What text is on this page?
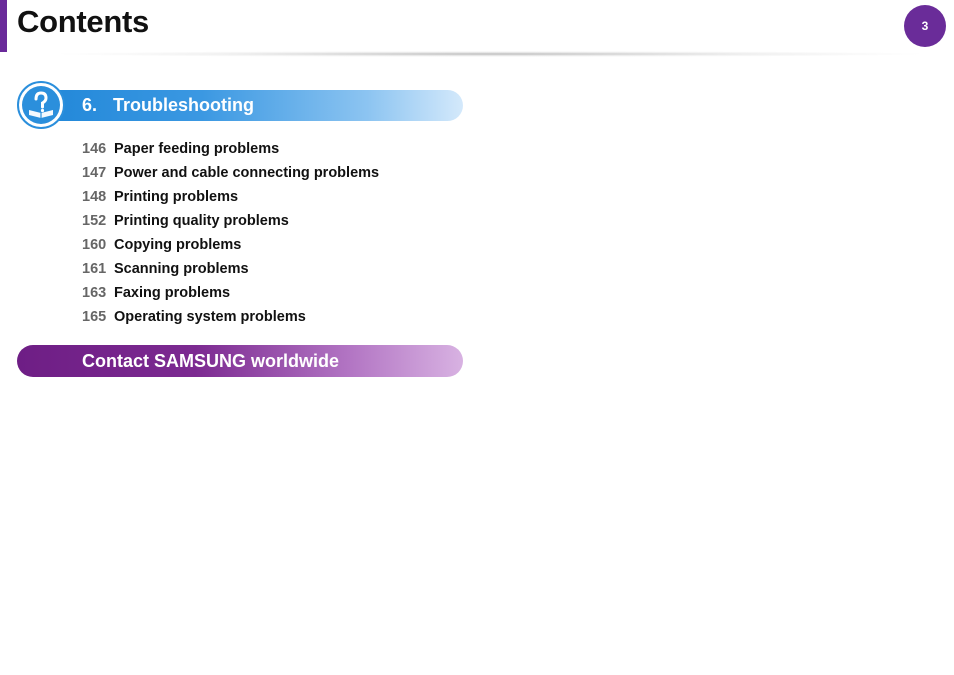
Contents	3
6. Troubleshooting
146 Paper feeding problems
147 Power and cable connecting problems
148 Printing problems
152 Printing quality problems
160 Copying problems
161 Scanning problems
163 Faxing problems
165 Operating system problems
Contact SAMSUNG worldwide
